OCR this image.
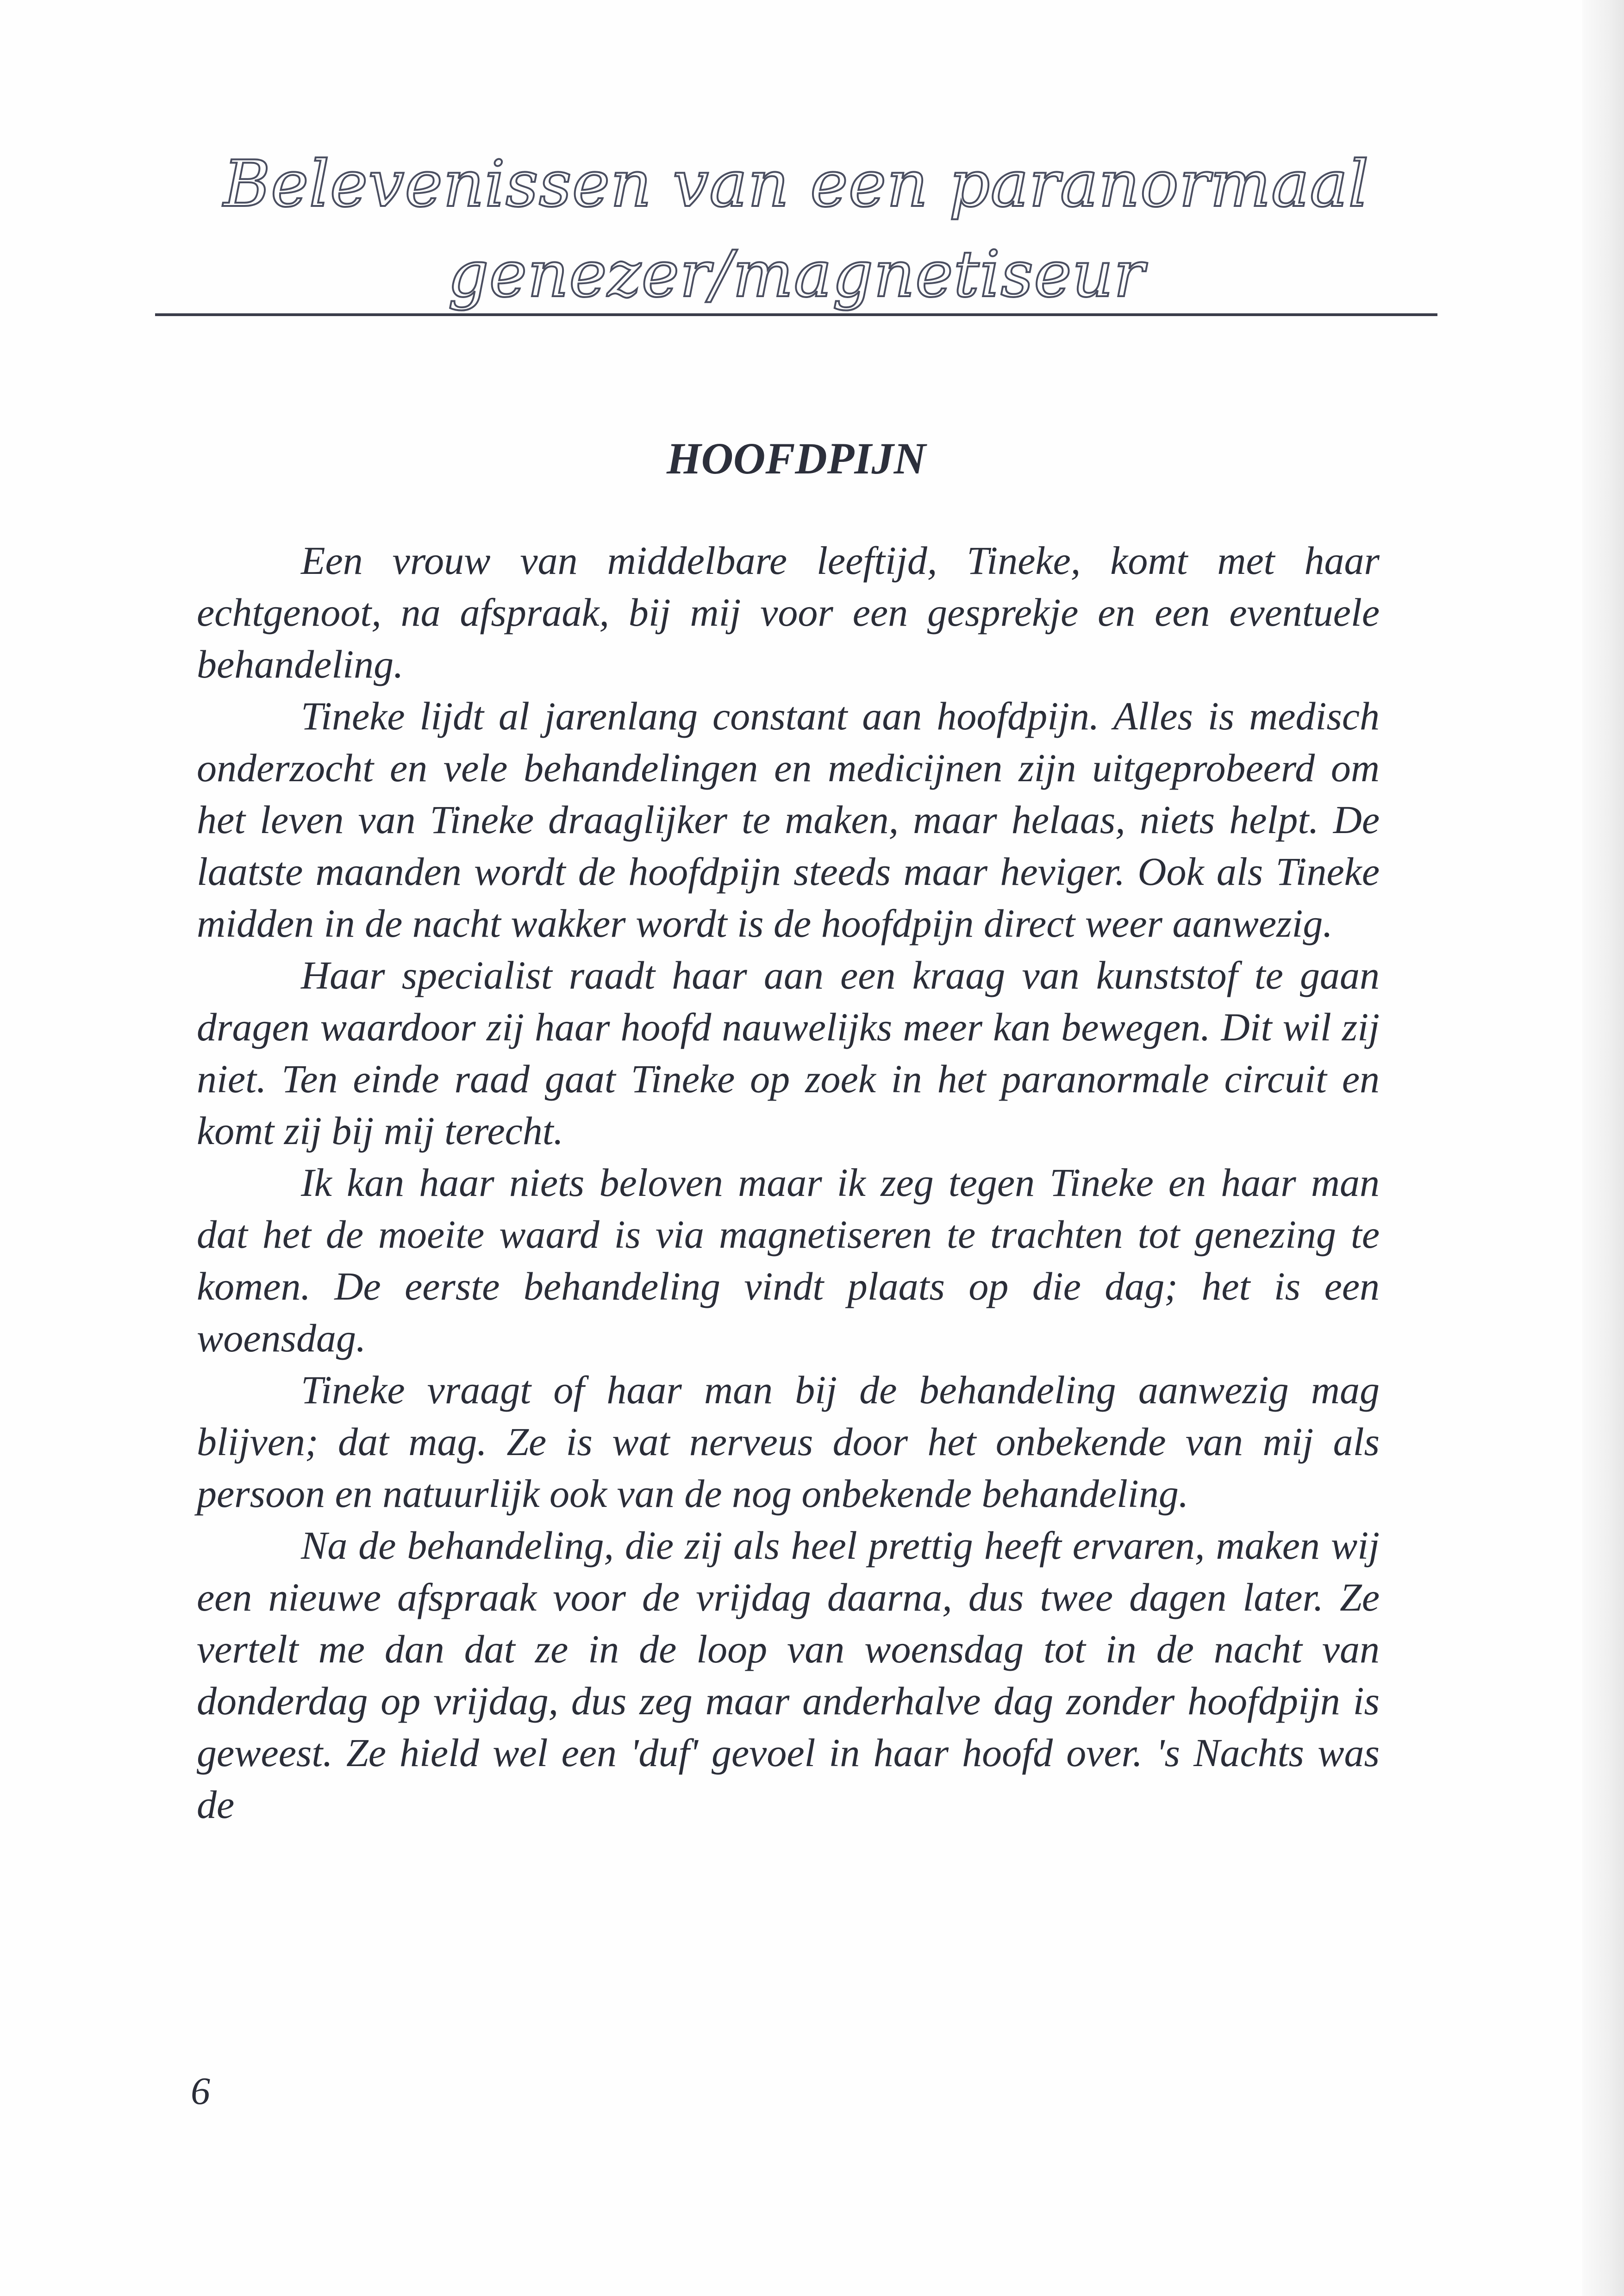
Belevenissen van een paranormaal
genezer/magnetiseur
HOOFDPIJN

Een vrouw van middelbare leeftijd, Tineke, komt met haar echtgenoot, na afspraak, bij mij voor een gesprekje en een eventuele behandeling.

Tineke lijdt al jarenlang constant aan hoofdpijn. Alles is medisch onderzocht en vele behandelingen en medicijnen zijn uitgeprobeerd om het leven van Tineke draaglijker te maken, maar helaas, niets helpt. De laatste maanden wordt de hoofdpijn steeds maar heviger. Ook als Tineke midden in de nacht wakker wordt is de hoofdpijn direct weer aanwezig.

Haar specialist raadt haar aan een kraag van kunststof te gaan dragen waardoor zij haar hoofd nauwelijks meer kan bewegen. Dit wil zij niet. Ten einde raad gaat Tineke op zoek in het paranormale circuit en komt zij bij mij terecht.

Ik kan haar niets beloven maar ik zeg tegen Tineke en haar man dat het de moeite waard is via magnetiseren te trachten tot genezing te komen. De eerste behandeling vindt plaats op die dag; het is een woensdag.

Tineke vraagt of haar man bij de behandeling aanwezig mag blijven; dat mag. Ze is wat nerveus door het onbekende van mij als persoon en natuurlijk ook van de nog onbekende behandeling.

Na de behandeling, die zij als heel prettig heeft ervaren, maken wij een nieuwe afspraak voor de vrijdag daarna, dus twee dagen later. Ze vertelt me dan dat ze in de loop van woensdag tot in de nacht van donderdag op vrijdag, dus zeg maar anderhalve dag zonder hoofdpijn is geweest. Ze hield wel een 'duf' gevoel in haar hoofd over. 's Nachts was de

6
